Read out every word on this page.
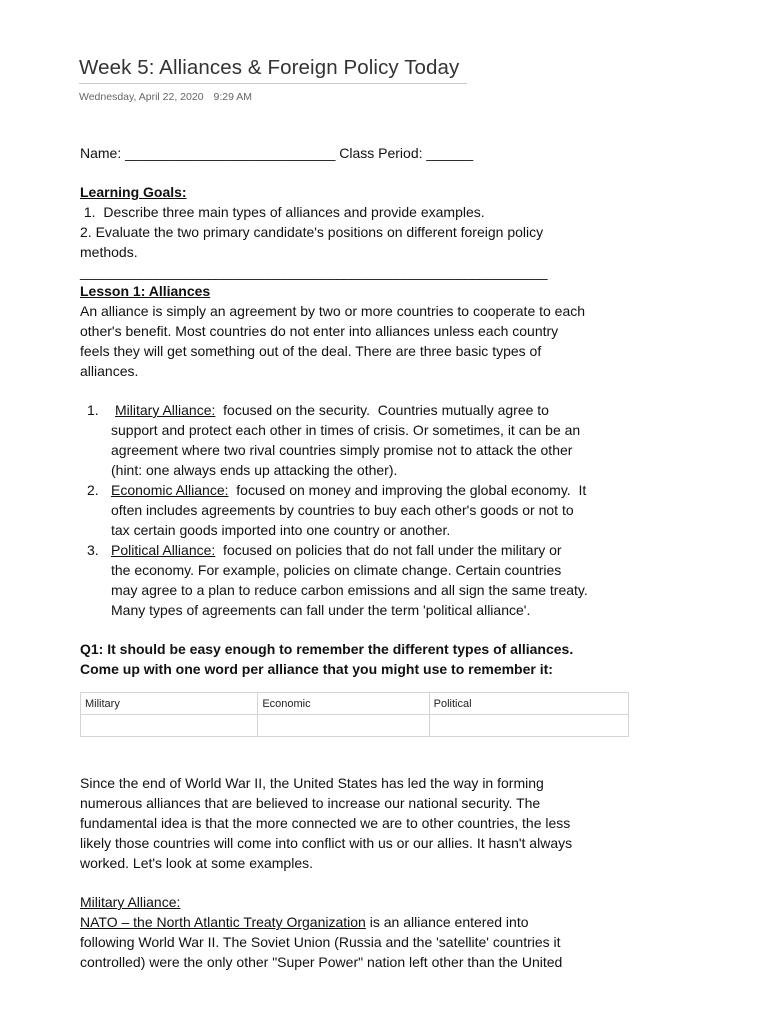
Week 5: Alliances & Foreign Policy Today
Wednesday, April 22, 2020 9:29 AM
Name: ___________________________ Class Period: ______
Learning Goals:
1.  Describe three main types of alliances and provide examples.
2. Evaluate the two primary candidate's positions on different foreign policy
methods.
______________________________________________________________
Lesson 1: Alliances
An alliance is simply an agreement by two or more countries to cooperate to each
other's benefit. Most countries do not enter into alliances unless each country
feels they will get something out of the deal. There are three basic types of
alliances.
1. Military Alliance:  focused on the security.  Countries mutually agree to
support and protect each other in times of crisis. Or sometimes, it can be an
agreement where two rival countries simply promise not to attack the other
(hint: one always ends up attacking the other).
2. Economic Alliance:  focused on money and improving the global economy.  It
often includes agreements by countries to buy each other's goods or not to
tax certain goods imported into one country or another.
3. Political Alliance:  focused on policies that do not fall under the military or
the economy. For example, policies on climate change. Certain countries
may agree to a plan to reduce carbon emissions and all sign the same treaty.
Many types of agreements can fall under the term 'political alliance'.
Q1: It should be easy enough to remember the different types of alliances.
Come up with one word per alliance that you might use to remember it:
Military	Economic	Political

Since the end of World War II, the United States has led the way in forming
numerous alliances that are believed to increase our national security. The
fundamental idea is that the more connected we are to other countries, the less
likely those countries will come into conflict with us or our allies. It hasn't always
worked. Let's look at some examples.
Military Alliance:
NATO – the North Atlantic Treaty Organization is an alliance entered into
following World War II. The Soviet Union (Russia and the 'satellite' countries it
controlled) were the only other "Super Power" nation left other than the United
